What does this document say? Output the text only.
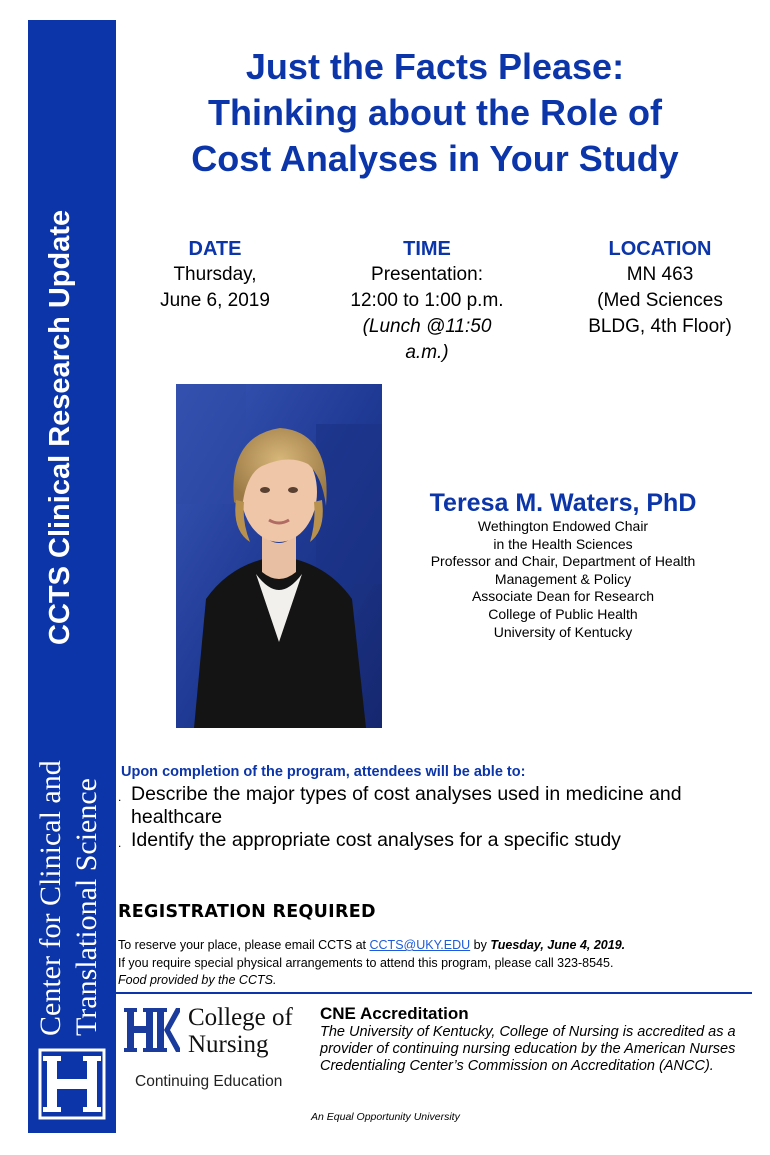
CCTS Clinical Research Update
Center for Clinical and Translational Science
Just the Facts Please:
Thinking about the Role of
Cost Analyses in Your Study
DATE
Thursday,
June 6, 2019
TIME
Presentation:
12:00 to 1:00 p.m.
(Lunch @11:50
a.m.)
LOCATION
MN 463
(Med Sciences
BLDG, 4th Floor)
Teresa M. Waters, PhD
Wethington Endowed Chair
in the Health Sciences
Professor and Chair, Department of Health
Management & Policy
Associate Dean for Research
College of Public Health
University of Kentucky
Upon completion of the program, attendees will be able to:
. Describe the major types of cost analyses used in medicine and healthcare
. Identify the appropriate cost analyses for a specific study
REGISTRATION REQUIRED
To reserve your place, please email CCTS at CCTS@UKY.EDU by Tuesday, June 4, 2019.
If you require special physical arrangements to attend this program, please call 323-8545.
Food provided by the CCTS.
College of
Nursing
Continuing Education
CNE Accreditation
The University of Kentucky, College of Nursing is accredited as a provider of continuing nursing education by the American Nurses Credentialing Center’s Commission on Accreditation (ANCC).
An Equal Opportunity University
